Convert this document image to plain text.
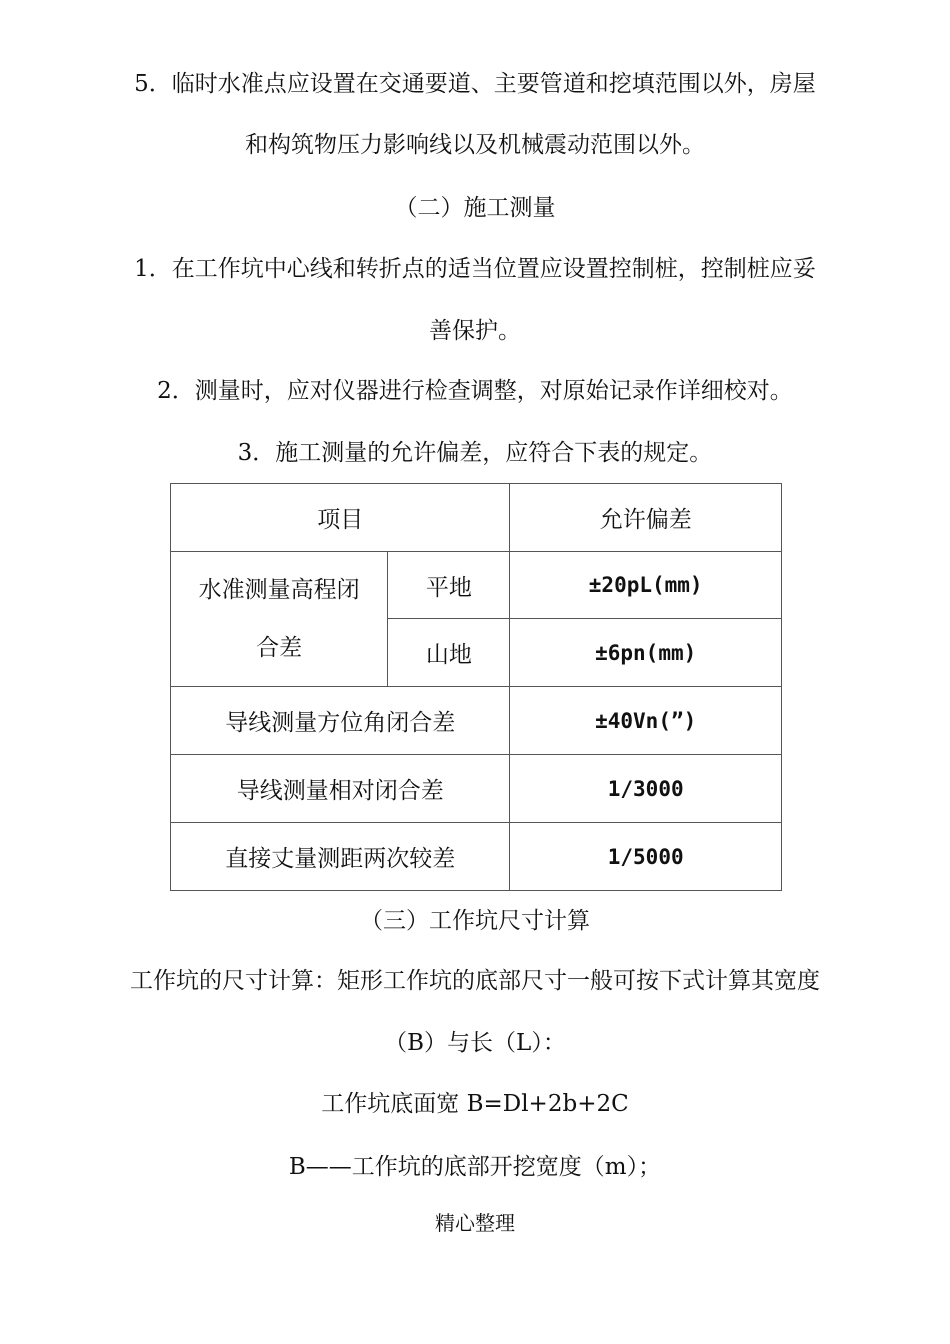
5．临时水准点应设置在交通要道、主要管道和挖填范围以外，房屋
和构筑物压力影响线以及机械震动范围以外。
（二）施工测量
1．在工作坑中心线和转折点的适当位置应设置控制桩，控制桩应妥
善保护。
2．测量时，应对仪器进行检查调整，对原始记录作详细校对。
3．施工测量的允许偏差，应符合下表的规定。
项目		允许偏差
水准测量高程闭
合差	平地	±20pL(mm)
	山地	±6pn(mm)
导线测量方位角闭合差		±40Vn(”)
导线测量相对闭合差		1/3000
直接丈量测距两次较差		1/5000
（三）工作坑尺寸计算
工作坑的尺寸计算：矩形工作坑的底部尺寸一般可按下式计算其宽度
（B）与长（L）：
工作坑底面宽 B=Dl+2b+2C
B——工作坑的底部开挖宽度（m）；
精心整理
